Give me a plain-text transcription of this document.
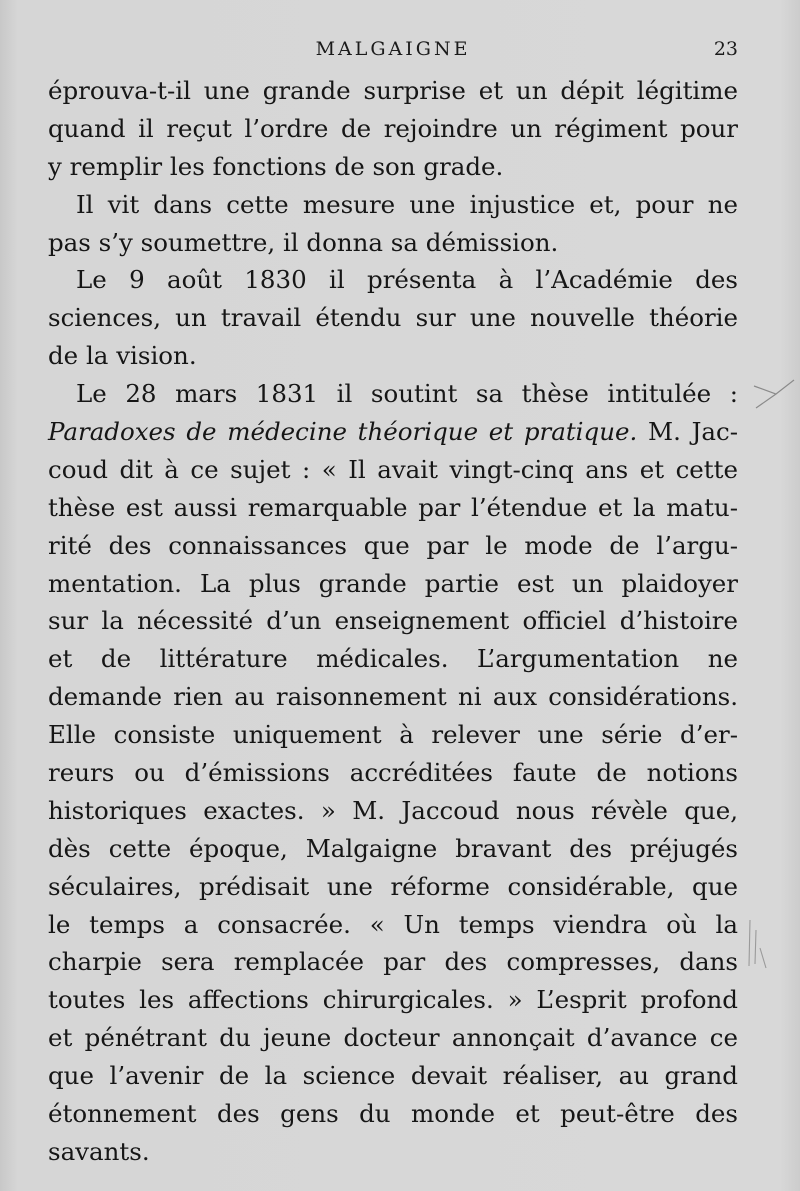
MALGAIGNE	23
éprouva-t-il une grande surprise et un dépit légitime
quand il reçut l’ordre de rejoindre un régiment pour
y remplir les fonctions de son grade.
Il vit dans cette mesure une injustice et, pour ne
pas s’y soumettre, il donna sa démission.
Le 9 août 1830 il présenta à l’Académie des
sciences, un travail étendu sur une nouvelle théorie
de la vision.
Le 28 mars 1831 il soutint sa thèse intitulée :
Paradoxes de médecine théorique et pratique. M. Jac-
coud dit à ce sujet : « Il avait vingt-cinq ans et cette
thèse est aussi remarquable par l’étendue et la matu-
rité des connaissances que par le mode de l’argu-
mentation. La plus grande partie est un plaidoyer
sur la nécessité d’un enseignement officiel d’histoire
et de littérature médicales. L’argumentation ne
demande rien au raisonnement ni aux considérations.
Elle consiste uniquement à relever une série d’er-
reurs ou d’émissions accréditées faute de notions
historiques exactes. » M. Jaccoud nous révèle que,
dès cette époque, Malgaigne bravant des préjugés
séculaires, prédisait une réforme considérable, que
le temps a consacrée. « Un temps viendra où la
charpie sera remplacée par des compresses, dans
toutes les affections chirurgicales. » L’esprit profond
et pénétrant du jeune docteur annonçait d’avance ce
que l’avenir de la science devait réaliser, au grand
étonnement des gens du monde et peut-être des
savants.
